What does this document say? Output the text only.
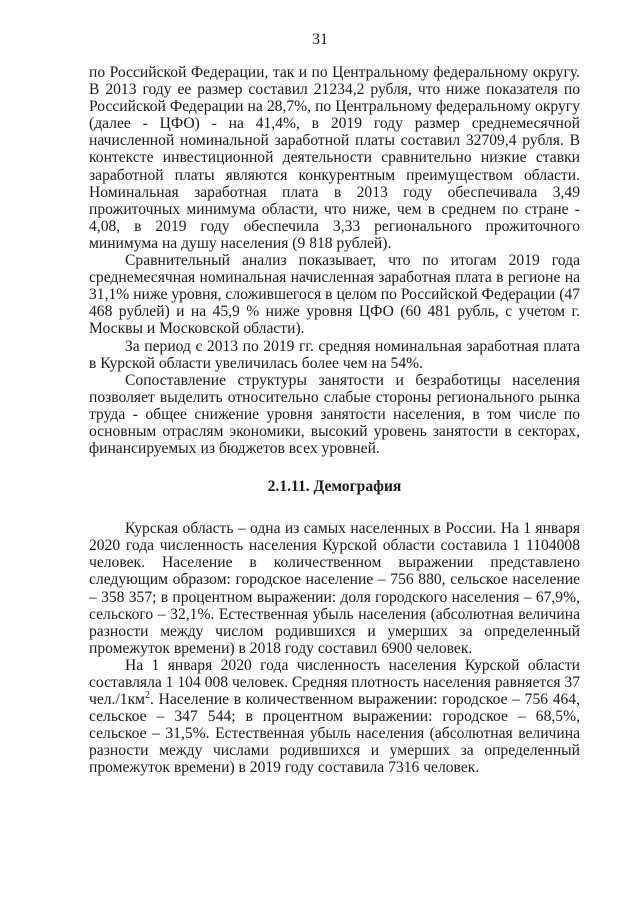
31

по Российской Федерации, так и по Центральному федеральному округу. В 2013 году ее размер составил 21234,2 рубля, что ниже показателя по Российской Федерации на 28,7%, по Центральному федеральному округу (далее - ЦФО) - на 41,4%, в 2019 году размер среднемесячной начисленной номинальной заработной платы составил 32709,4 рубля. В контексте инвестиционной деятельности сравнительно низкие ставки заработной платы являются конкурентным преимуществом области. Номинальная заработная плата в 2013 году обеспечивала 3,49 прожиточных минимума области, что ниже, чем в среднем по стране - 4,08, в 2019 году обеспечила 3,33 регионального прожиточного минимума на душу населения (9 818 рублей).

Сравнительный анализ показывает, что по итогам 2019 года среднемесячная номинальная начисленная заработная плата в регионе на 31,1% ниже уровня, сложившегося в целом по Российской Федерации (47 468 рублей) и на 45,9 % ниже уровня ЦФО (60 481 рубль, с учетом г. Москвы и Московской области).

За период с 2013 по 2019 гг. средняя номинальная заработная плата в Курской области увеличилась более чем на 54%.

Сопоставление структуры занятости и безработицы населения позволяет выделить относительно слабые стороны регионального рынка труда - общее снижение уровня занятости населения, в том числе по основным отраслям экономики, высокий уровень занятости в секторах, финансируемых из бюджетов всех уровней.

2.1.11. Демография

Курская область – одна из самых населенных в России. На 1 января 2020 года численность населения Курской области составила 1 1104008 человек. Население в количественном выражении представлено следующим образом: городское население – 756 880, сельское население – 358 357; в процентном выражении: доля городского населения – 67,9%, сельского – 32,1%. Естественная убыль населения (абсолютная величина разности между числом родившихся и умерших за определенный промежуток времени) в 2018 году составил 6900 человек.

На 1 января 2020 года численность населения Курской области составляла 1 104 008 человек. Средняя плотность населения равняется 37 $чел./1км^2$. Население в количественном выражении: городское – 756 464, сельское – 347 544; в процентном выражении: городское – 68,5%, сельское – 31,5%. Естественная убыль населения (абсолютная величина разности между числами родившихся и умерших за определенный промежуток времени) в 2019 году составила 7316 человек.
